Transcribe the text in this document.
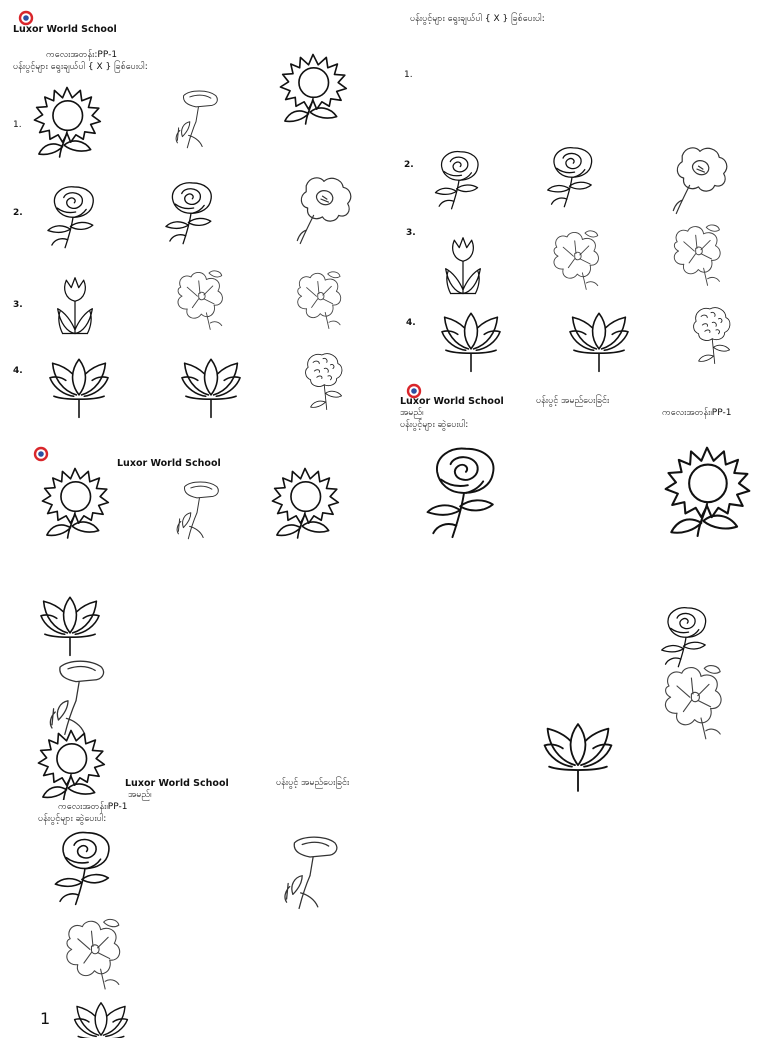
Luxor World School
ကလေးအတန်း:PP-1
ပန်းပွင့်များ ရွေးချယ်ပါ { X } ခြစ်ပေးပါ:
1.
2.
3.
4.
ပန်းပွင့်များ ရွေးချယ်ပါ { X } ခြစ်ပေးပါ:
1.
2.
3.
4.
Luxor World School	ပန်းပွင့် အမည်ပေးခြင်း
အမည်၊	ကလေးအတန်း၊PP-1
ပန်းပွင့်များ ဆွဲပေးပါ:
Luxor World School
Luxor World School	ပန်းပွင့် အမည်ပေးခြင်း
အမည်၊
ကလေးအတန်း၊PP-1
ပန်းပွင့်များ ဆွဲပေးပါ:
1
